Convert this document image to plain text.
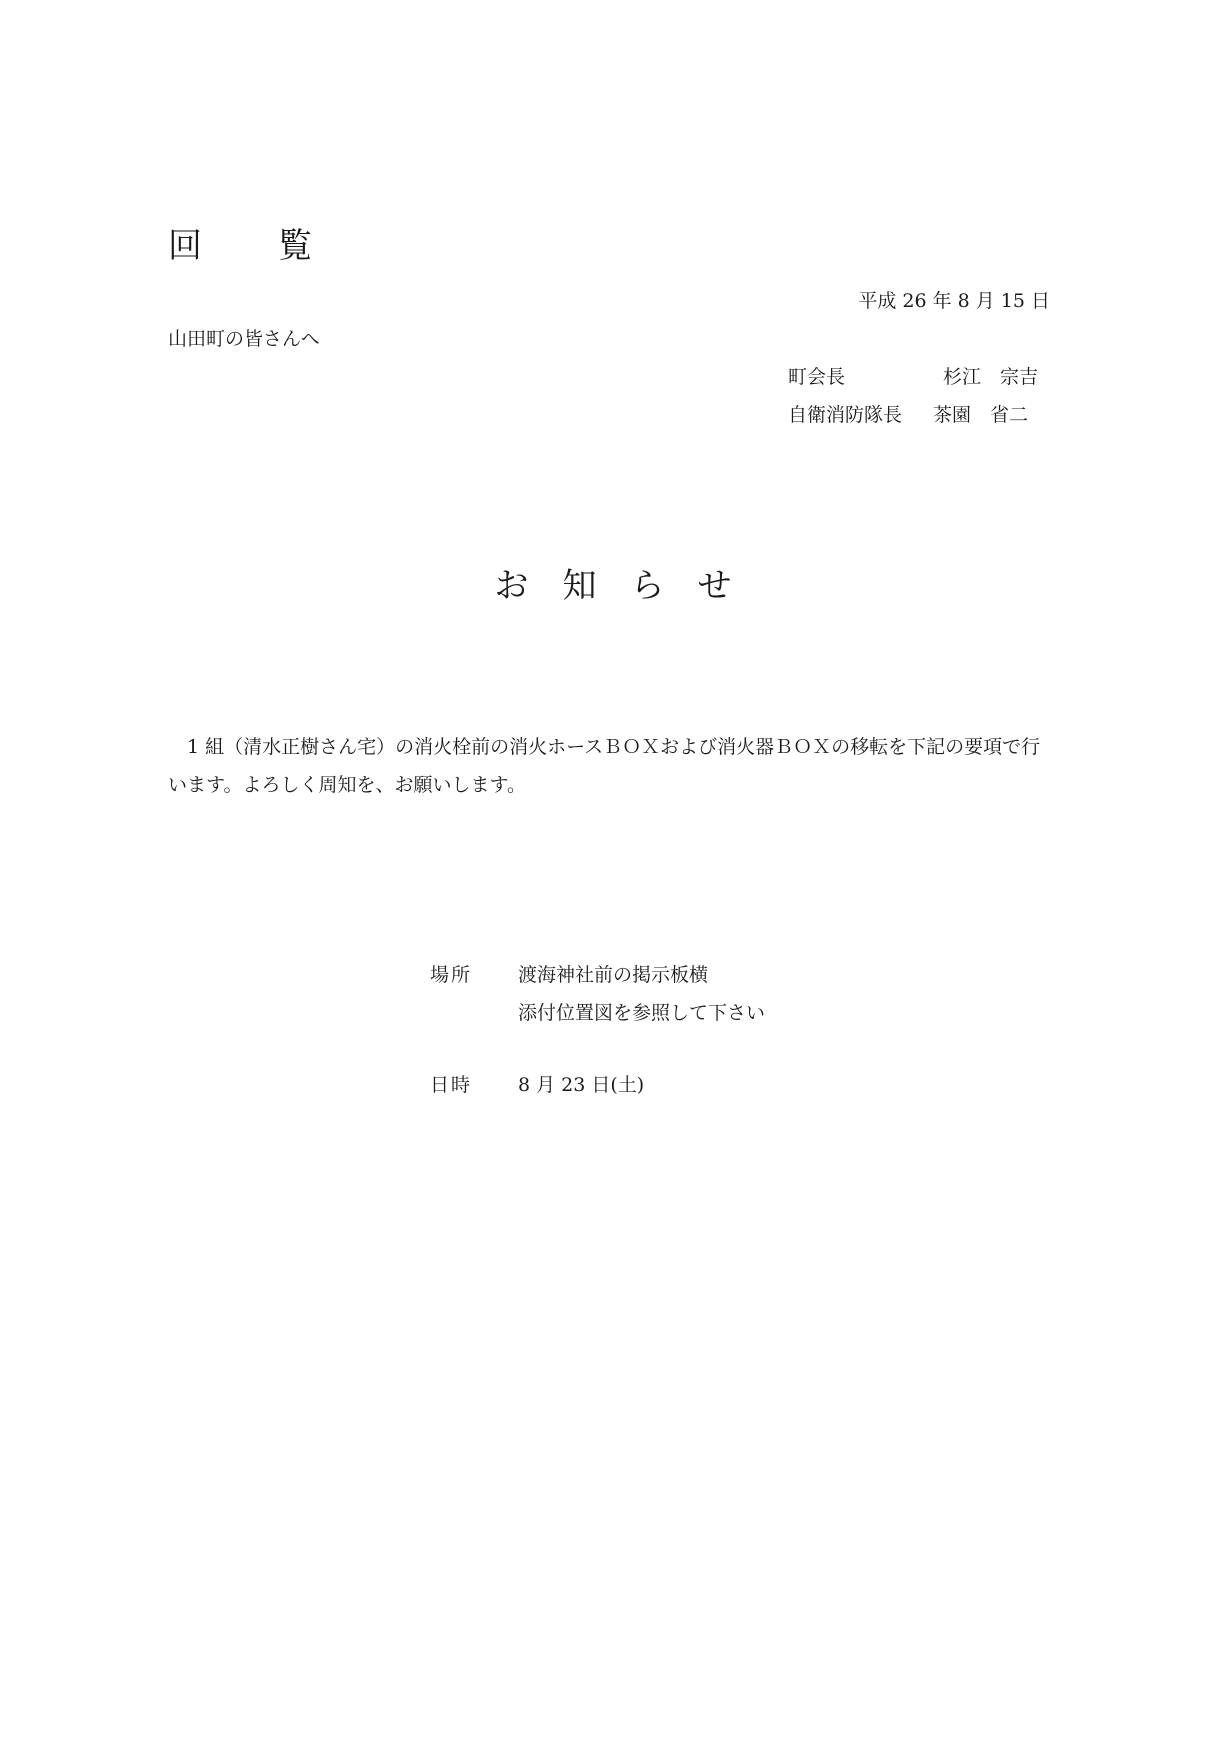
回覧
平成 26 年 8 月 15 日
山田町の皆さんへ
町会長	杉江　宗吉
自衛消防隊長	茶園　省二
お知らせ
1 組（清水正樹さん宅）の消火栓前の消火ホースＢＯＸおよび消火器ＢＯＸの移転を下記の要項で行います。よろしく周知を、お願いします。
場所 渡海神社前の掲示板横
添付位置図を参照して下さい
日時 8 月 23 日(土)
